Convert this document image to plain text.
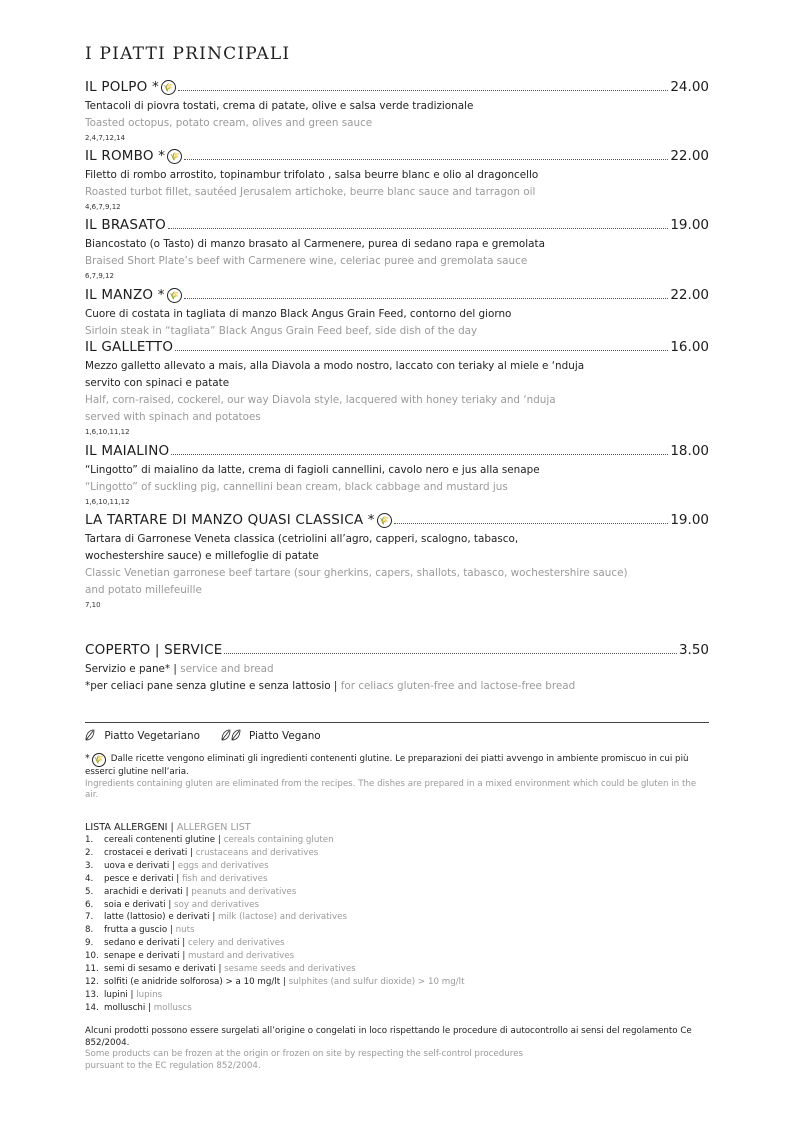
I PIATTI PRINCIPALI
IL POLPO * 🌾	24.00
Tentacoli di piovra tostati, crema di patate, olive e salsa verde tradizionale
Toasted octopus, potato cream, olives and green sauce
2,4,7,12,14
IL ROMBO * 🌾	22.00
Filetto di rombo arrostito, topinambur trifolato , salsa beurre blanc e olio al dragoncello
Roasted turbot fillet, sautéed Jerusalem artichoke, beurre blanc sauce and tarragon oil
4,6,7,9,12
IL BRASATO	19.00
Biancostato (o Tasto) di manzo brasato al Carmenere, purea di sedano rapa e gremolata
Braised Short Plate’s beef with Carmenere wine, celeriac puree and gremolata sauce
6,7,9,12
IL MANZO * 🌾	22.00
Cuore di costata in tagliata di manzo Black Angus Grain Feed, contorno del giorno
Sirloin steak in “tagliata” Black Angus Grain Feed beef, side dish of the day
IL GALLETTO	16.00
Mezzo galletto allevato a mais, alla Diavola a modo nostro, laccato con teriaky al miele e ‘nduja
servito con spinaci e patate
Half, corn-raised, cockerel, our way Diavola style, lacquered with honey teriaky and ‘nduja
served with spinach and potatoes
1,6,10,11,12
IL MAIALINO	18.00
“Lingotto” di maialino da latte, crema di fagioli cannellini, cavolo nero e jus alla senape
“Lingotto” of suckling pig, cannellini bean cream, black cabbage and mustard jus
1,6,10,11,12
LA TARTARE DI MANZO QUASI CLASSICA * 🌾	19.00
Tartara di Garronese Veneta classica (cetriolini all’agro, capperi, scalogno, tabasco,
wochestershire sauce) e millefoglie di patate
Classic Venetian garronese beef tartare (sour gherkins, capers, shallots, tabasco, wochestershire sauce)
and potato millefeuille
7,10
COPERTO | SERVICE	3.50
Servizio e pane* | service and bread
*per celiaci pane senza glutine e senza lattosio | for celiacs gluten-free and lactose-free bread
Piatto Vegetariano	Piatto Vegano
* 🌾 Dalle ricette vengono eliminati gli ingredienti contenenti glutine. Le preparazioni dei piatti avvengo in ambiente promiscuo in cui più esserci glutine nell’aria.
Ingredients containing gluten are eliminated from the recipes. The dishes are prepared in a mixed environment which could be gluten in the air.
LISTA ALLERGENI | ALLERGEN LIST
1. cereali contenenti glutine | cereals containing gluten
2. crostacei e derivati | crustaceans and derivatives
3. uova e derivati | eggs and derivatives
4. pesce e derivati | fish and derivatives
5. arachidi e derivati | peanuts and derivatives
6. soia e derivati | soy and derivatives
7. latte (lattosio) e derivati | milk (lactose) and derivatives
8. frutta a guscio | nuts
9. sedano e derivati | celery and derivatives
10. senape e derivati | mustard and derivatives
11. semi di sesamo e derivati | sesame seeds and derivatives
12. solfiti (e anidride solforosa) > a 10 mg/lt | sulphites (and sulfur dioxide) > 10 mg/lt
13. lupini | lupins
14. molluschi | molluscs
Alcuni prodotti possono essere surgelati all’origine o congelati in loco rispettando le procedure di autocontrollo ai sensi del regolamento Ce 852/2004.
Some products can be frozen at the origin or frozen on site by respecting the self-control procedures
pursuant to the EC regulation 852/2004.
